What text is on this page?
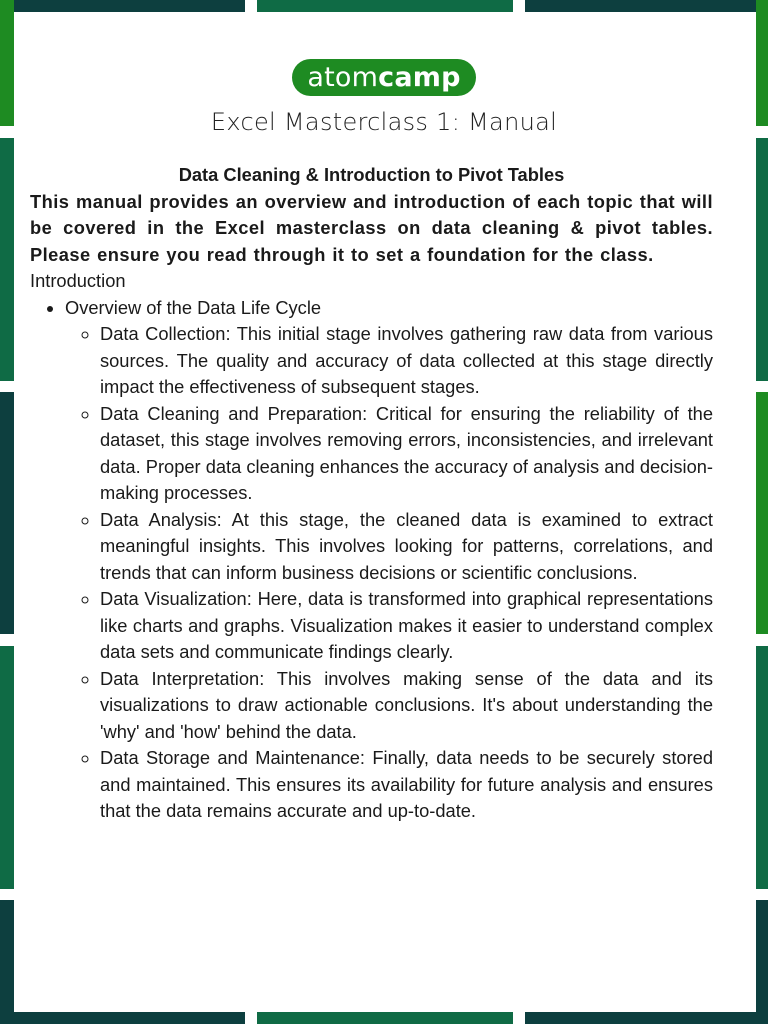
atom camp
Excel Masterclass 1: Manual
Data Cleaning & Introduction to Pivot Tables
This manual provides an overview and introduction of each topic that will be covered in the Excel masterclass on data cleaning & pivot tables. Please ensure you read through it to set a foundation for the class.
Introduction
• Overview of the Data Life Cycle
◦ Data Collection: This initial stage involves gathering raw data from various sources. The quality and accuracy of data collected at this stage directly impact the effectiveness of subsequent stages.
◦ Data Cleaning and Preparation: Critical for ensuring the reliability of the dataset, this stage involves removing errors, inconsistencies, and irrelevant data. Proper data cleaning enhances the accuracy of analysis and decision-making processes.
◦ Data Analysis: At this stage, the cleaned data is examined to extract meaningful insights. This involves looking for patterns, correlations, and trends that can inform business decisions or scientific conclusions.
◦ Data Visualization: Here, data is transformed into graphical representations like charts and graphs. Visualization makes it easier to understand complex data sets and communicate findings clearly.
◦ Data Interpretation: This involves making sense of the data and its visualizations to draw actionable conclusions. It's about understanding the 'why' and 'how' behind the data.
◦ Data Storage and Maintenance: Finally, data needs to be securely stored and maintained. This ensures its availability for future analysis and ensures that the data remains accurate and up-to-date.
